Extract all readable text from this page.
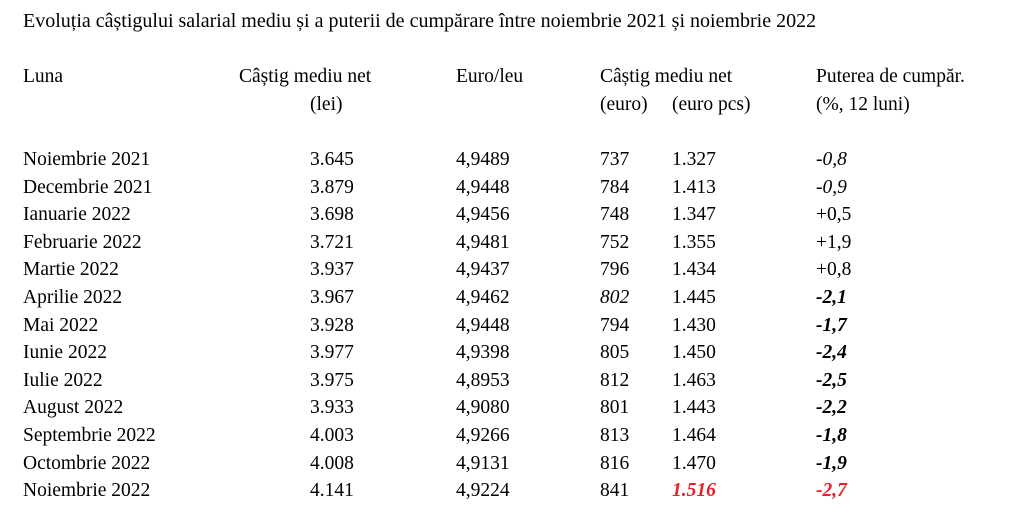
Evoluția câștigului salarial mediu și a puterii de cumpărare între noiembrie 2021 și noiembrie 2022
Luna	Câștig mediu net
(lei)
Euro/leu	Câștig mediu net
(euro) (euro pcs)
Puterea de cumpăr.
(%, 12 luni)
Noiembrie 2021	3.645	4,9489	737 1.327	-0,8
Decembrie 2021	3.879	4,9448	784 1.413	-0,9
Ianuarie 2022	3.698	4,9456	748 1.347	+0,5
Februarie 2022	3.721	4,9481	752 1.355	+1,9
Martie 2022	3.937	4,9437	796 1.434	+0,8
Aprilie 2022	3.967	4,9462	802 1.445	-2,1
Mai 2022	3.928	4,9448	794 1.430	-1,7
Iunie 2022	3.977	4,9398	805 1.450	-2,4
Iulie 2022	3.975	4,8953	812 1.463	-2,5
August 2022	3.933	4,9080	801 1.443	-2,2
Septembrie 2022	4.003	4,9266	813 1.464	-1,8
Octombrie 2022	4.008	4,9131	816 1.470	-1,9
Noiembrie 2022	4.141	4,9224	841 1.516	-2,7
